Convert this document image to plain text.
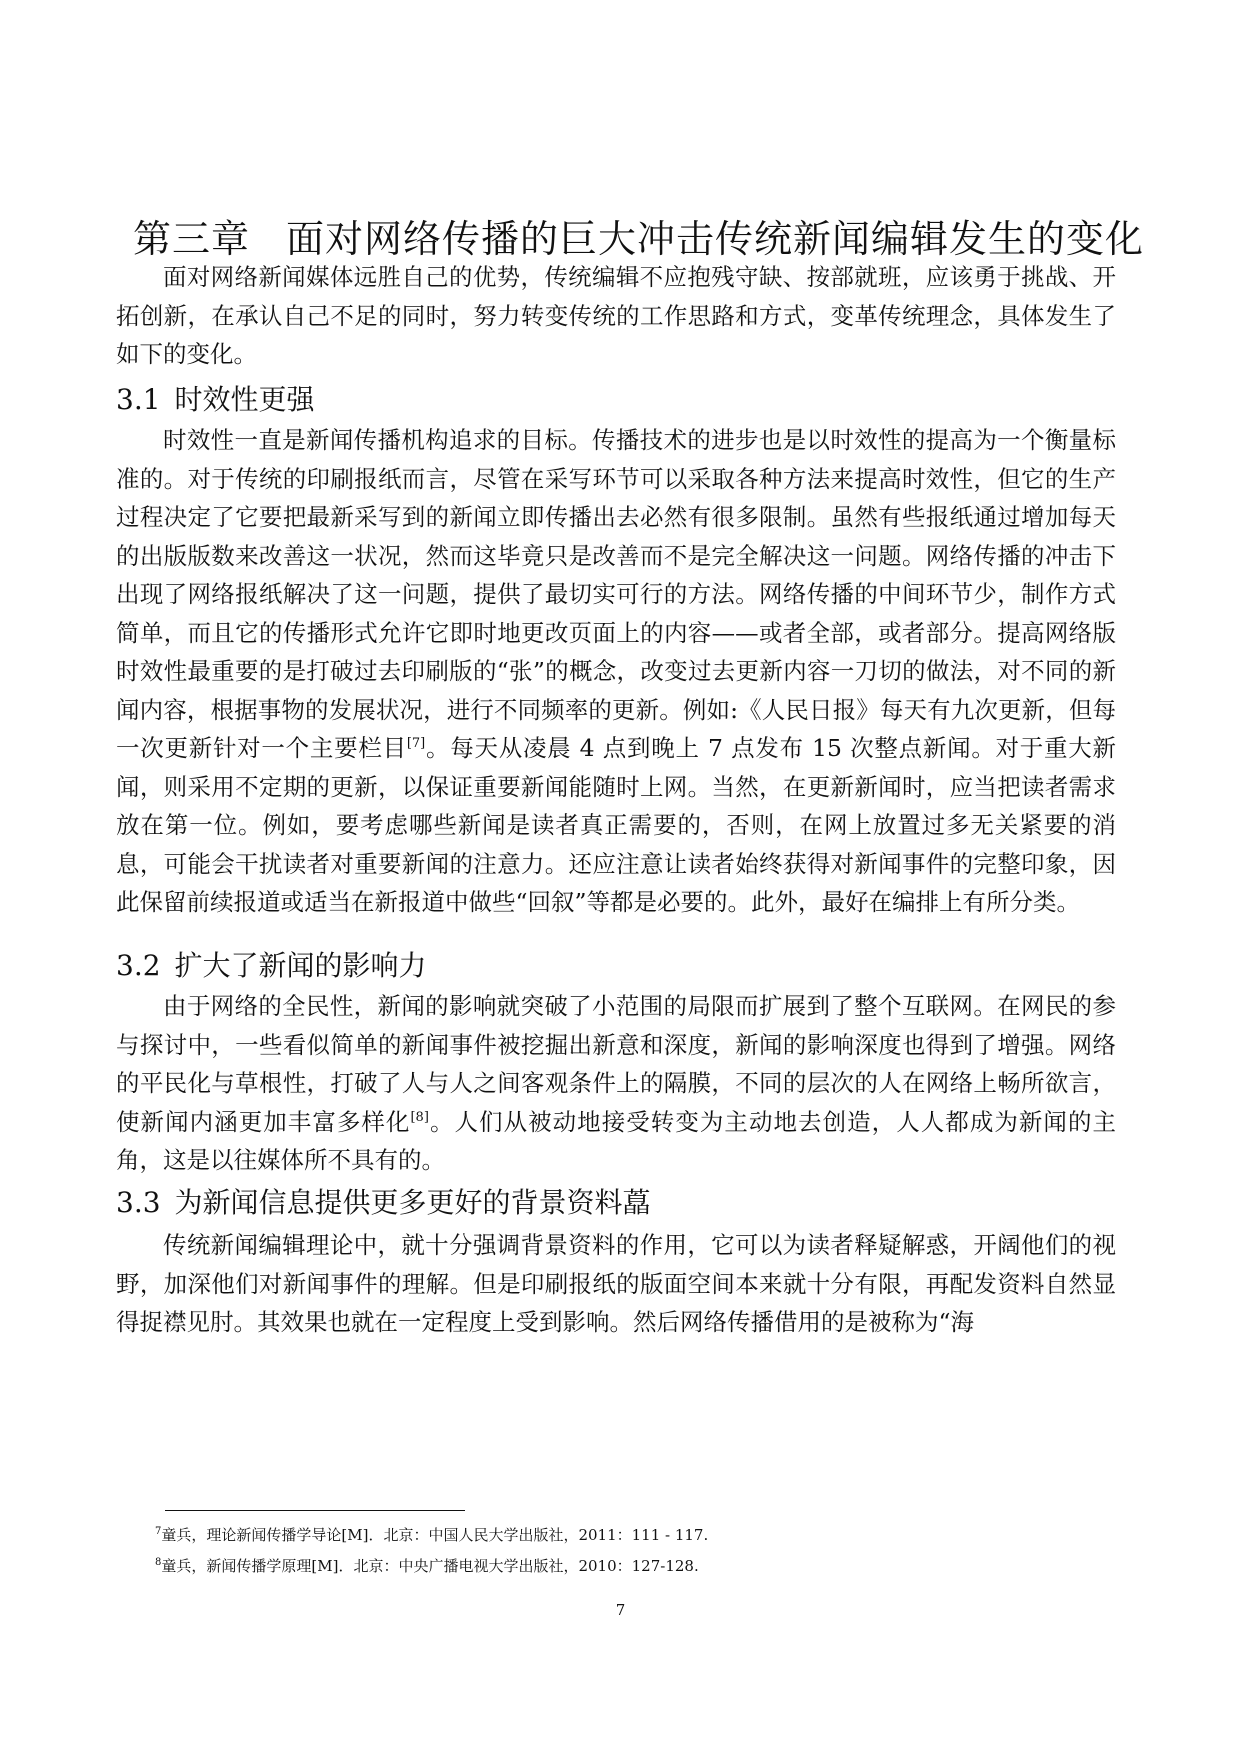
第三章 面对网络传播的巨大冲击传统新闻编辑发生的变化

面对网络新闻媒体远胜自己的优势，传统编辑不应抱残守缺、按部就班，应该勇于挑战、开拓创新，在承认自己不足的同时，努力转变传统的工作思路和方式，变革传统理念，具体发生了如下的变化。

3.1 时效性更强

时效性一直是新闻传播机构追求的目标。传播技术的进步也是以时效性的提高为一个衡量标准的。对于传统的印刷报纸而言，尽管在采写环节可以采取各种方法来提高时效性，但它的生产过程决定了它要把最新采写到的新闻立即传播出去必然有很多限制。虽然有些报纸通过增加每天的出版版数来改善这一状况，然而这毕竟只是改善而不是完全解决这一问题。网络传播的冲击下出现了网络报纸解决了这一问题，提供了最切实可行的方法。网络传播的中间环节少，制作方式简单，而且它的传播形式允许它即时地更改页面上的内容——或者全部，或者部分。提高网络版时效性最重要的是打破过去印刷版的“张”的概念，改变过去更新内容一刀切的做法，对不同的新闻内容，根据事物的发展状况，进行不同频率的更新。例如:《人民日报》每天有九次更新，但每一次更新针对一个主要栏目[7]。每天从凌晨 4 点到晚上 7 点发布 15 次整点新闻。对于重大新闻，则采用不定期的更新，以保证重要新闻能随时上网。当然，在更新新闻时，应当把读者需求放在第一位。例如，要考虑哪些新闻是读者真正需要的，否则，在网上放置过多无关紧要的消息，可能会干扰读者对重要新闻的注意力。还应注意让读者始终获得对新闻事件的完整印象，因此保留前续报道或适当在新报道中做些“回叙”等都是必要的。此外，最好在编排上有所分类。

3.2 扩大了新闻的影响力

由于网络的全民性，新闻的影响就突破了小范围的局限而扩展到了整个互联网。在网民的参与探讨中，一些看似简单的新闻事件被挖掘出新意和深度，新闻的影响深度也得到了增强。网络的平民化与草根性，打破了人与人之间客观条件上的隔膜，不同的层次的人在网络上畅所欲言，使新闻内涵更加丰富多样化[8]。人们从被动地接受转变为主动地去创造，人人都成为新闻的主角，这是以往媒体所不具有的。

3.3 为新闻信息提供更多更好的背景资料藠

传统新闻编辑理论中，就十分强调背景资料的作用，它可以为读者释疑解惑，开阔他们的视野，加深他们对新闻事件的理解。但是印刷报纸的版面空间本来就十分有限，再配发资料自然显得捉襟见肘。其效果也就在一定程度上受到影响。然后网络传播借用的是被称为“海

$^7$童兵，理论新闻传播学导论[M]．北京：中国人民大学出版社，2011：111 - 117.

$^8$童兵，新闻传播学原理[M]．北京：中央广播电视大学出版社，2010：127-128.

7
